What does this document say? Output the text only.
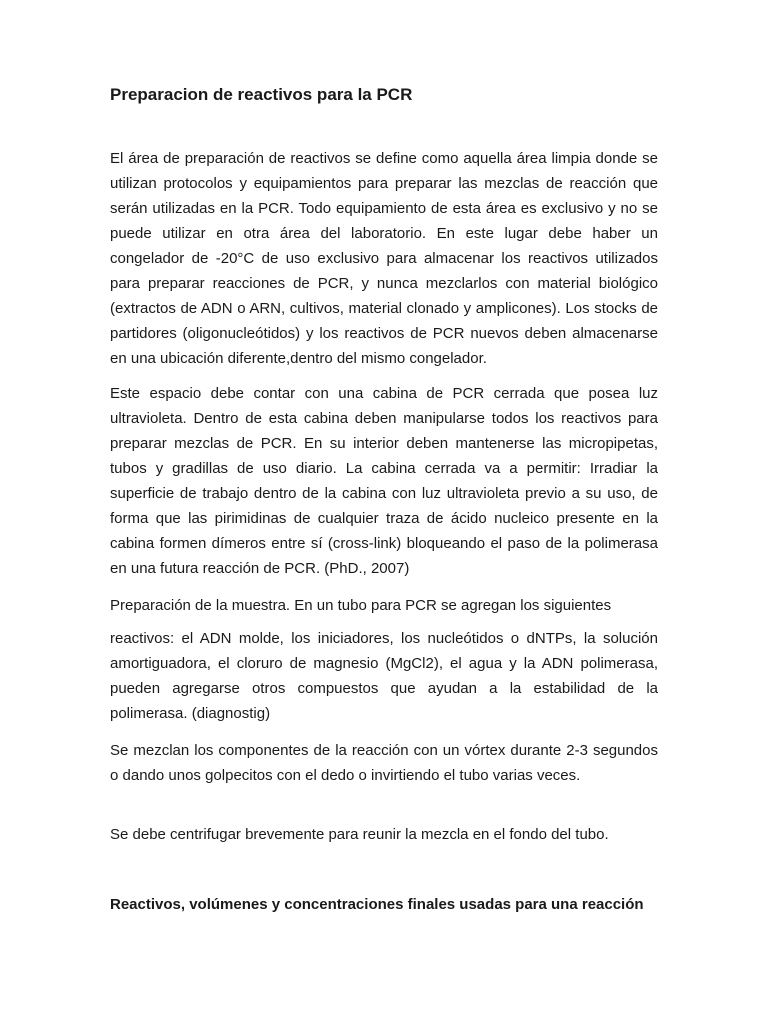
Preparacion de reactivos para la PCR

El área de preparación de reactivos se define como aquella área limpia donde se utilizan protocolos y equipamientos para preparar las mezclas de reacción que serán utilizadas en la PCR. Todo equipamiento de esta área es exclusivo y no se puede utilizar en otra área del laboratorio. En este lugar debe haber un congelador de -20°C de uso exclusivo para almacenar los reactivos utilizados para preparar reacciones de PCR, y nunca mezclarlos con material biológico (extractos de ADN o ARN, cultivos, material clonado y amplicones). Los stocks de partidores (oligonucleótidos) y los reactivos de PCR nuevos deben almacenarse en una ubicación diferente,dentro del mismo congelador.

Este espacio debe contar con una cabina de PCR cerrada que posea luz ultravioleta. Dentro de esta cabina deben manipularse todos los reactivos para preparar mezclas de PCR. En su interior deben mantenerse las micropipetas, tubos y gradillas de uso diario. La cabina cerrada va a permitir: Irradiar la superficie de trabajo dentro de la cabina con luz ultravioleta previo a su uso, de forma que las pirimidinas de cualquier traza de ácido nucleico presente en la cabina formen dímeros entre sí (cross-link) bloqueando el paso de la polimerasa en una futura reacción de PCR. (PhD., 2007)

Preparación de la muestra. En un tubo para PCR se agregan los siguientes

reactivos: el ADN molde, los iniciadores, los nucleótidos o dNTPs, la solución amortiguadora, el cloruro de magnesio (MgCl2), el agua y la ADN polimerasa, pueden agregarse otros compuestos que ayudan a la estabilidad de la polimerasa. (diagnostig)

Se mezclan los componentes de la reacción con un vórtex durante 2-3 segundos o dando unos golpecitos con el dedo o invirtiendo el tubo varias veces.

Se debe centrifugar brevemente para reunir la mezcla en el fondo del tubo.

Reactivos, volúmenes y concentraciones finales usadas para una reacción
